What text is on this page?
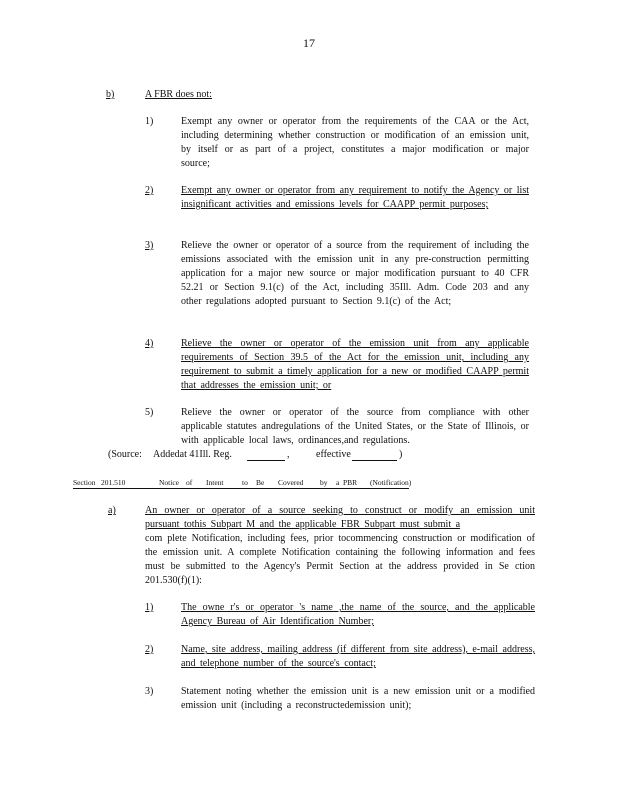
17
b)	A FBR does not:
1)	Exempt any owner or operator from the requirements of the CAA or the Act, including determining whether construction or modification of an emission unit, by itself or as part of a project, constitutes a major modification or major source;
2)	Exempt any owner or operator from any requirement to notify the Agency or list insignificant activities and emissions levels for CAAPP permit purposes;
3)	Relieve the owner or operator of a source from the requirement of including the emissions associated with the emission unit in any pre-construction permitting application for a major new source or major modification pursuant to 40 CFR 52.21 or Section 9.1(c) of the Act, including 35Ill. Adm. Code 203 and any other regulations adopted pursuant to Section 9.1(c) of the Act;
4)	Relieve the owner or operator of the emission unit from any applicable requirements of Section 39.5 of the Act for the emission unit, including any requirement to submit a timely application for a new or modified CAAPP permit that addresses the emission unit; or
5)	Relieve the owner or operator of the source from compliance with other applicable statutes andregulations of the United States, or the State of Illinois, or with applicable local laws, ordinances,and regulations.
(Source: Addedat 41Ill. Reg.	,	effective	)
Section 201.510	Notice of Intent to Be Covered by a PBR (Notification)
a)	An owner or operator of a source seeking to construct or modify an emission unit pursuant tothis Subpart M and the applicable FBR Subpart must submit a
com plete Notification, including fees, prior tocommencing construction or modification of the emission unit. A complete Notification containing the following information and fees must be submitted to the Agency's Permit Section at the address provided in Se ction 201.530(f)(1):
1)	The owne r's or operator 's name ,the name of the source, and the applicable Agency Bureau of Air Identification Number;
2)	Name, site address, mailing address (if different from site address), e-mail address, and telephone number of the source's contact;
3)	Statement noting whether the emission unit is a new emission unit or a modified emission unit (including a reconstructedemission unit);
